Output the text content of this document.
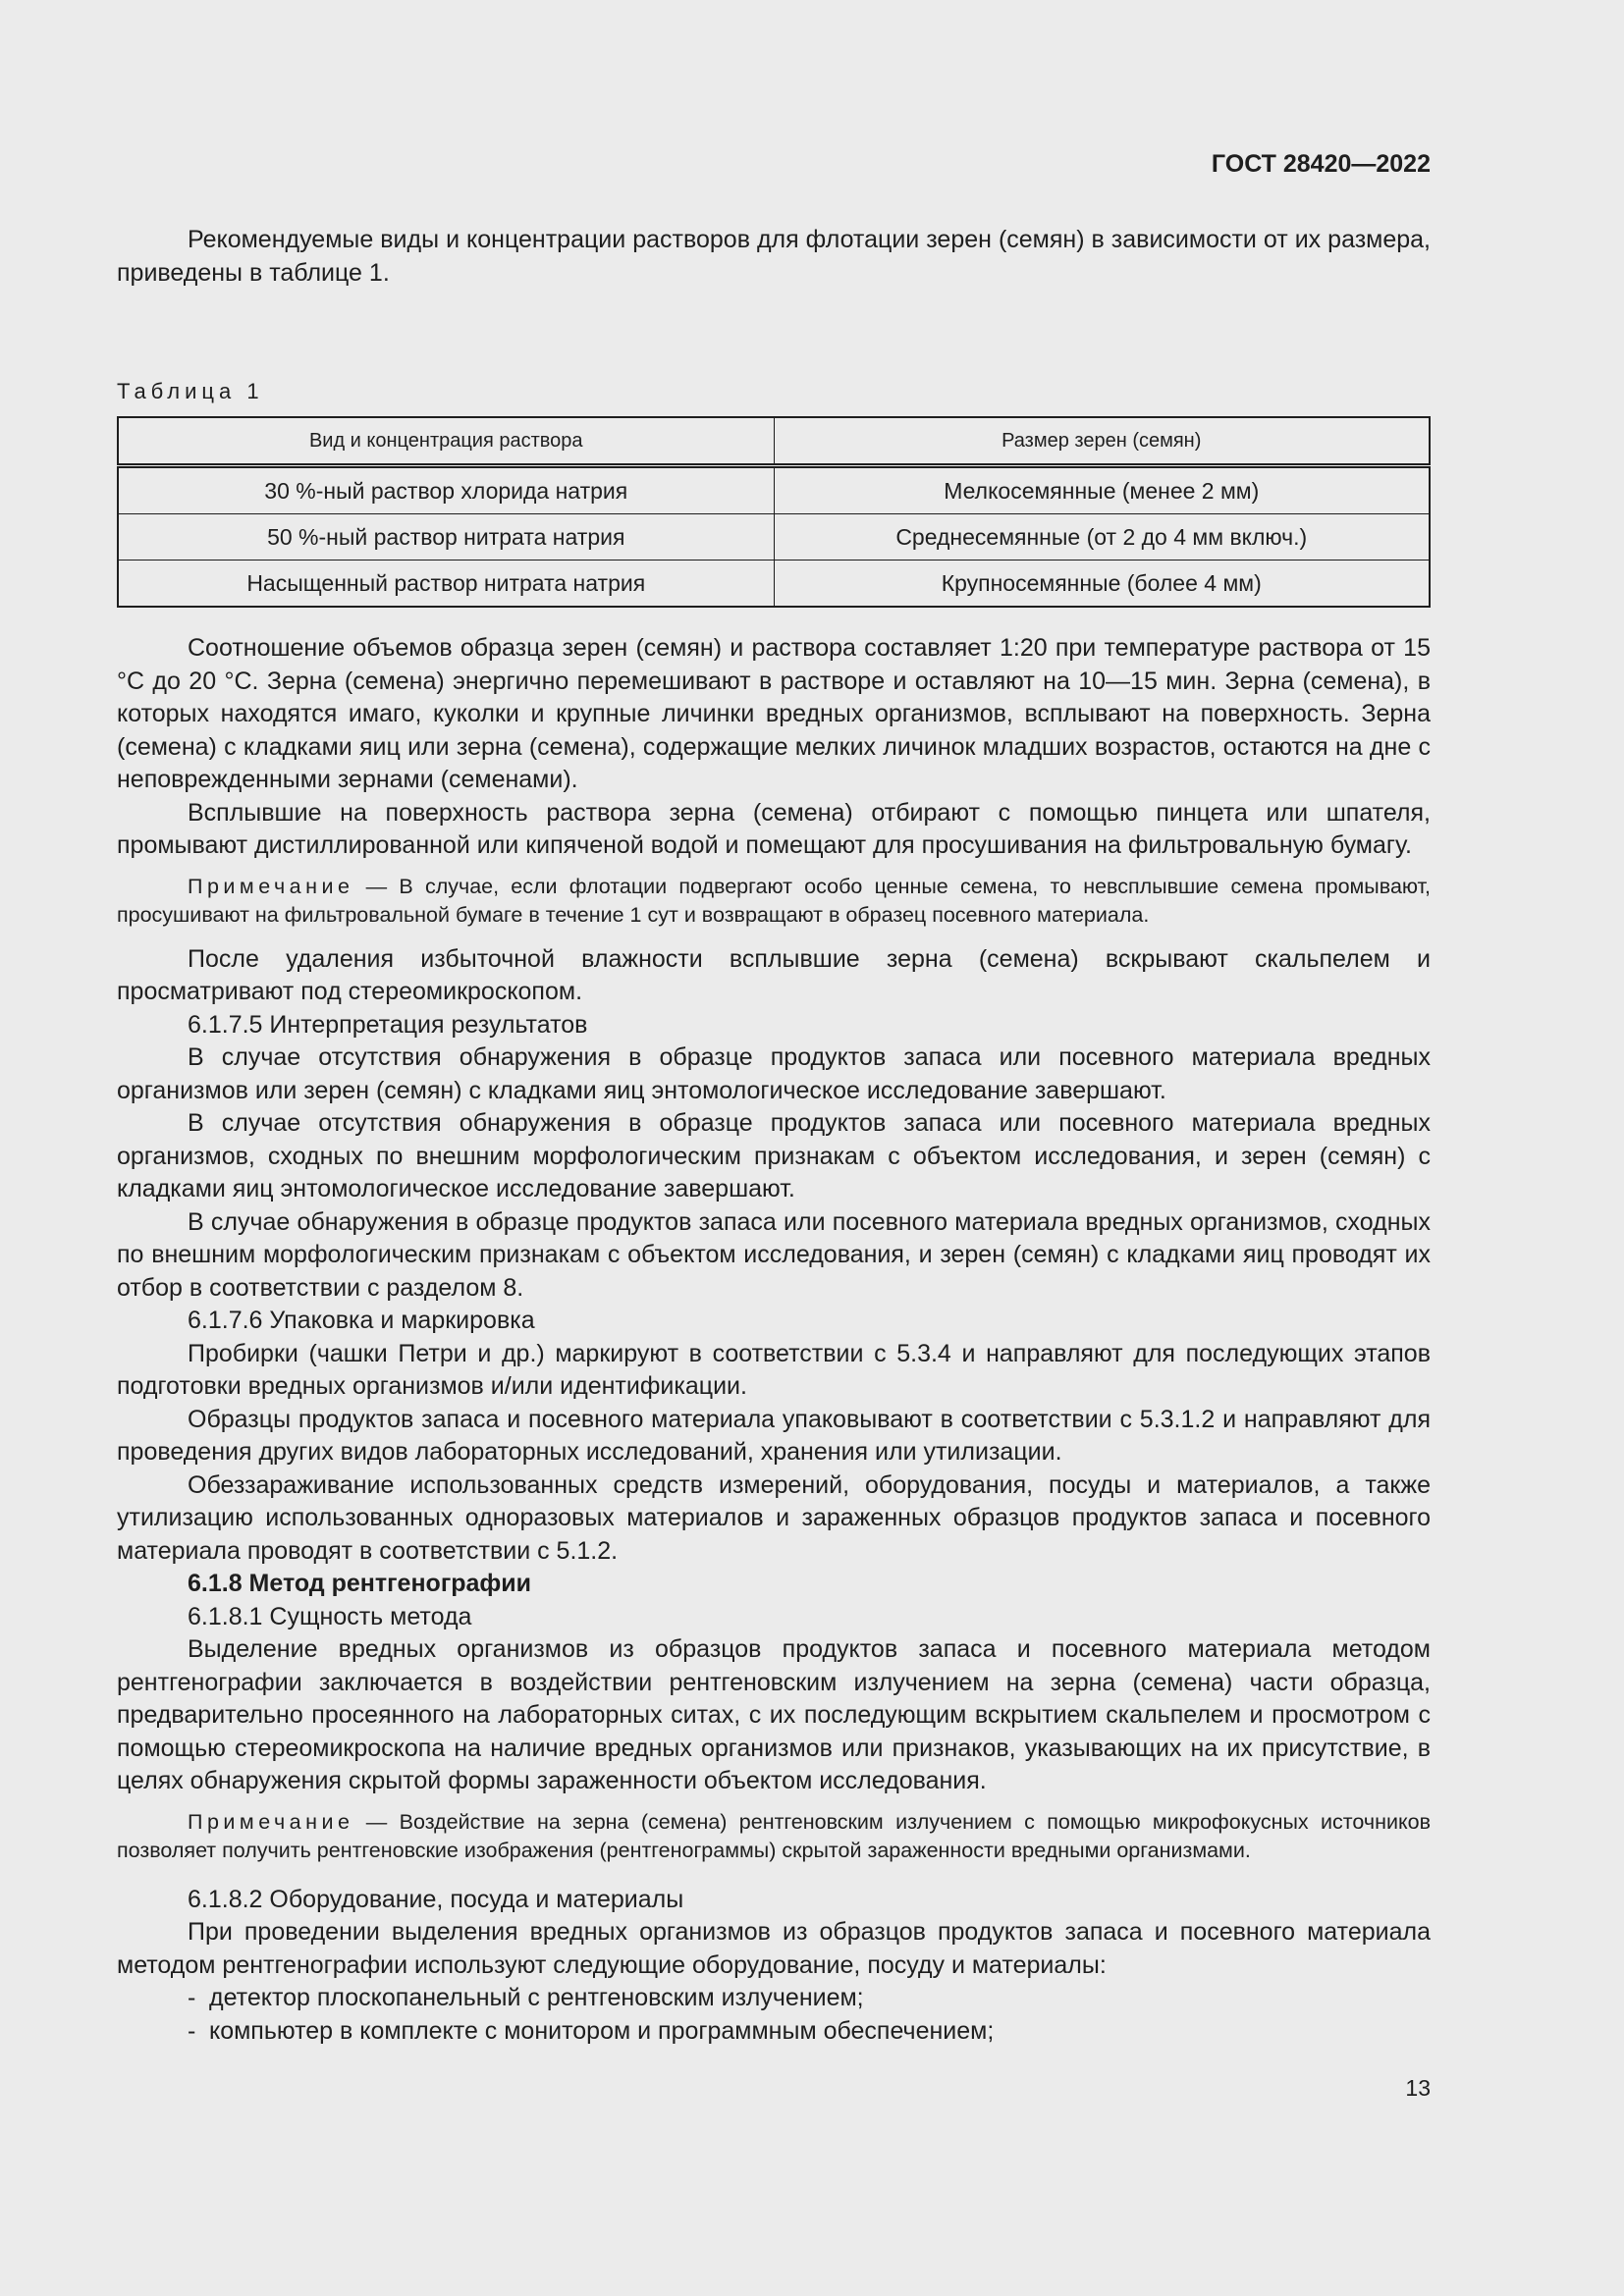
ГОСТ 28420—2022

Рекомендуемые виды и концентрации растворов для флотации зерен (семян) в зависимости от их размера, приведены в таблице 1.

Таблица 1
Вид и концентрация раствора	Размер зерен (семян)
30 %-ный раствор хлорида натрия	Мелкосемянные (менее 2 мм)
50 %-ный раствор нитрата натрия	Среднесемянные (от 2 до 4 мм включ.)
Насыщенный раствор нитрата натрия	Крупносемянные (более 4 мм)

Соотношение объемов образца зерен (семян) и раствора составляет 1:20 при температуре раствора от 15 °С до 20 °С. Зерна (семена) энергично перемешивают в растворе и оставляют на 10—15 мин. Зерна (семена), в которых находятся имаго, куколки и крупные личинки вредных организмов, всплывают на поверхность. Зерна (семена) с кладками яиц или зерна (семена), содержащие мелких личинок младших возрастов, остаются на дне с неповрежденными зернами (семенами).

Всплывшие на поверхность раствора зерна (семена) отбирают с помощью пинцета или шпателя, промывают дистиллированной или кипяченой водой и помещают для просушивания на фильтровальную бумагу.

Примечание — В случае, если флотации подвергают особо ценные семена, то невсплывшие семена промывают, просушивают на фильтровальной бумаге в течение 1 сут и возвращают в образец посевного материала.

После удаления избыточной влажности всплывшие зерна (семена) вскрывают скальпелем и просматривают под стереомикроскопом.

6.1.7.5 Интерпретация результатов

В случае отсутствия обнаружения в образце продуктов запаса или посевного материала вредных организмов или зерен (семян) с кладками яиц энтомологическое исследование завершают.

В случае отсутствия обнаружения в образце продуктов запаса или посевного материала вредных организмов, сходных по внешним морфологическим признакам с объектом исследования, и зерен (семян) с кладками яиц энтомологическое исследование завершают.

В случае обнаружения в образце продуктов запаса или посевного материала вредных организмов, сходных по внешним морфологическим признакам с объектом исследования, и зерен (семян) с кладками яиц проводят их отбор в соответствии с разделом 8.

6.1.7.6 Упаковка и маркировка

Пробирки (чашки Петри и др.) маркируют в соответствии с 5.3.4 и направляют для последующих этапов подготовки вредных организмов и/или идентификации.

Образцы продуктов запаса и посевного материала упаковывают в соответствии с 5.3.1.2 и направляют для проведения других видов лабораторных исследований, хранения или утилизации.

Обеззараживание использованных средств измерений, оборудования, посуды и материалов, а также утилизацию использованных одноразовых материалов и зараженных образцов продуктов запаса и посевного материала проводят в соответствии с 5.1.2.

6.1.8 Метод рентгенографии

6.1.8.1 Сущность метода

Выделение вредных организмов из образцов продуктов запаса и посевного материала методом рентгенографии заключается в воздействии рентгеновским излучением на зерна (семена) части образца, предварительно просеянного на лабораторных ситах, с их последующим вскрытием скальпелем и просмотром с помощью стереомикроскопа на наличие вредных организмов или признаков, указывающих на их присутствие, в целях обнаружения скрытой формы зараженности объектом исследования.

Примечание — Воздействие на зерна (семена) рентгеновским излучением с помощью микрофокусных источников позволяет получить рентгеновские изображения (рентгенограммы) скрытой зараженности вредными организмами.

6.1.8.2 Оборудование, посуда и материалы

При проведении выделения вредных организмов из образцов продуктов запаса и посевного материала методом рентгенографии используют следующие оборудование, посуду и материалы:

- детектор плоскопанельный с рентгеновским излучением;
- компьютер в комплекте с монитором и программным обеспечением;
13
